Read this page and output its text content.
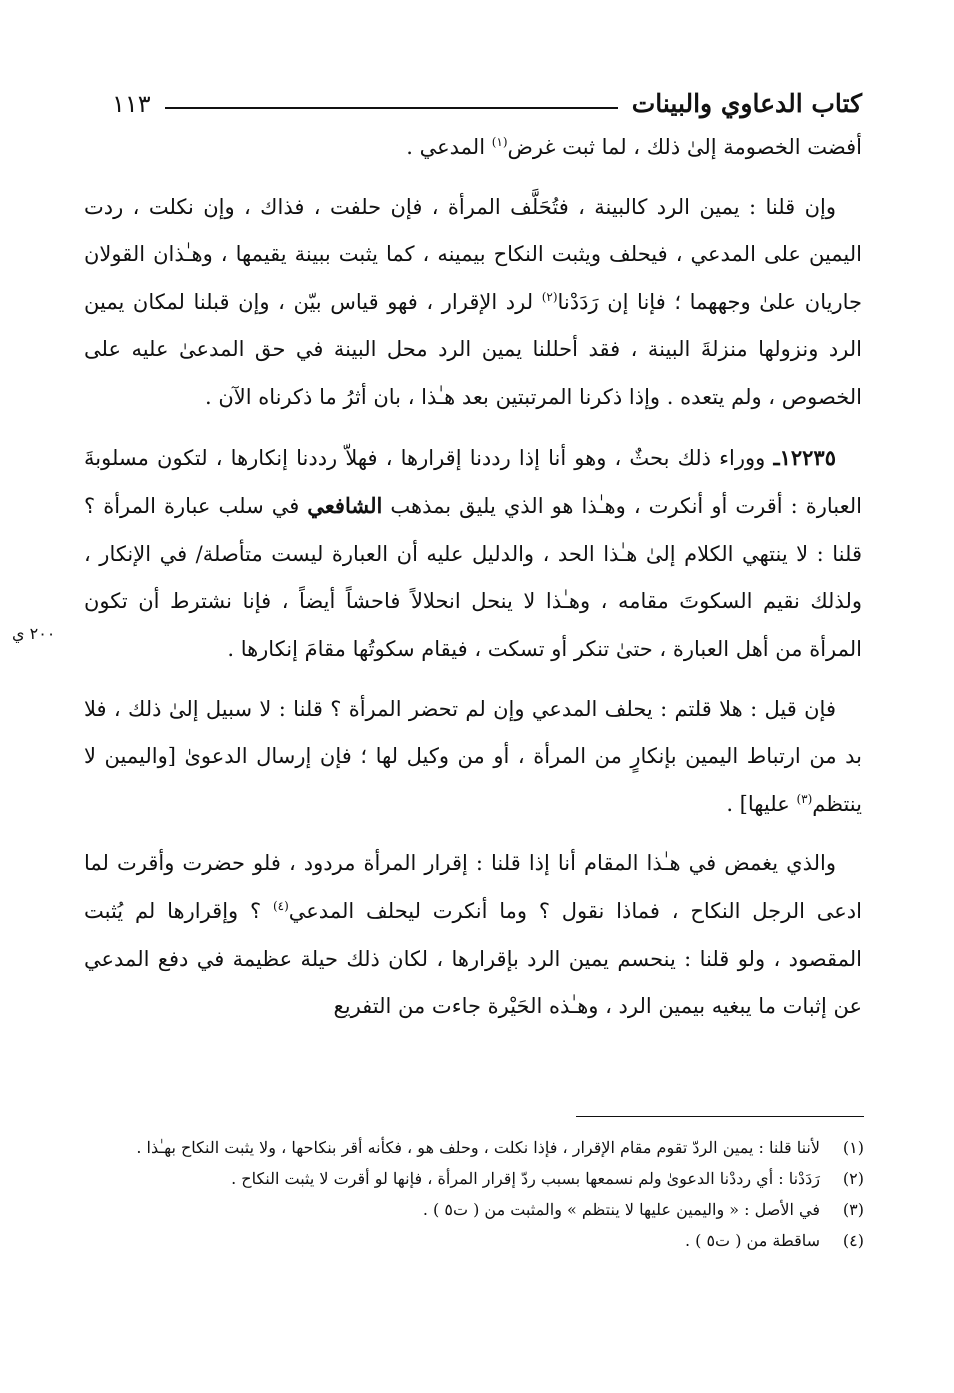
كتاب الدعاوي والبينات
١١٣

أفضت الخصومة إلىٰ ذلك ، لما ثبت غرض$^{(١)}$ المدعي .

وإن قلنا : يمين الرد كالبينة ، فتُحَلَّف المرأة ، فإن حلفت ، فذاك ، وإن نكلت ، ردت اليمين على المدعي ، فيحلف ويثبت النكاح بيمينه ، كما يثبت ببينة يقيمها ، وهـٰذان القولان جاريان علىٰ وجههما ؛ فإنا إن رَدَدْنا$^{(٢)}$ لرد الإقرار ، فهو قياس بيّن ، وإن قبلنا لمكان يمين الرد ونزولها منزلةَ البينة ، فقد أحللنا يمين الرد محل البينة في حق المدعىٰ عليه على الخصوص ، ولم يتعده . وإذا ذكرنا المرتبتين بعد هـٰذا ، بان أثرُ ما ذكرناه الآن .

١٢٢٣٥ـ ووراء ذلك بحثٌ ، وهو أنا إذا رددنا إقرارها ، فهلاّ رددنا إنكارها ، لتكون مسلوبةَ العبارة : أقرت أو أنكرت ، وهـٰذا هو الذي يليق بمذهب الشافعي في سلب عبارة المرأة ؟ قلنا : لا ينتهي الكلام إلىٰ هـٰذا الحد ، والدليل عليه أن العبارة ليست متأصلة/ في الإنكار ، ولذلك نقيم السكوتَ مقامه ، وهـٰذا لا ينحل انحلالاً فاحشاً أيضاً ، فإنا نشترط أن تكون المرأة من أهل العبارة ، حتىٰ تنكر أو تسكت ، فيقام سكوتُها مقامَ إنكارها .

فإن قيل : هلا قلتم : يحلف المدعي وإن لم تحضر المرأة ؟ قلنا : لا سبيل إلىٰ ذلك ، فلا بد من ارتباط اليمين بإنكارٍ من المرأة ، أو من وكيل لها ؛ فإن إرسال الدعوىٰ [واليمين لا ينتظم$^{(٣)}$ عليها] .

والذي يغمض في هـٰذا المقام أنا إذا قلنا : إقرار المرأة مردود ، فلو حضرت وأقرت لما ادعى الرجل النكاح ، فماذا نقول ؟ وما أنكرت ليحلف المدعي$^{(٤)}$ ؟ وإقرارها لم يُثبت المقصود ، ولو قلنا : ينحسم يمين الرد بإقرارها ، لكان ذلك حيلة عظيمة في دفع المدعي عن إثبات ما يبغيه بيمين الرد ، وهـٰذه الحَيْرة جاءت من التفريع

٢٠٠ ي
(١)
لأننا قلنا : يمين الردّ تقوم مقام الإقرار ، فإذا نكلت ، وحلف هو ، فكأنه أقر بنكاحها ، ولا يثبت النكاح بهـٰذا .
(٢)
رَدَدْنا : أي رددْنا الدعوىٰ ولم نسمعها بسبب ردّ إقرار المرأة ، فإنها لو أقرت لا يثبت النكاح .
(٣)
في الأصل : « واليمين عليها لا ينتظم » والمثبت من ( ت٥ ) .
(٤)
ساقطة من ( ت٥ ) .
